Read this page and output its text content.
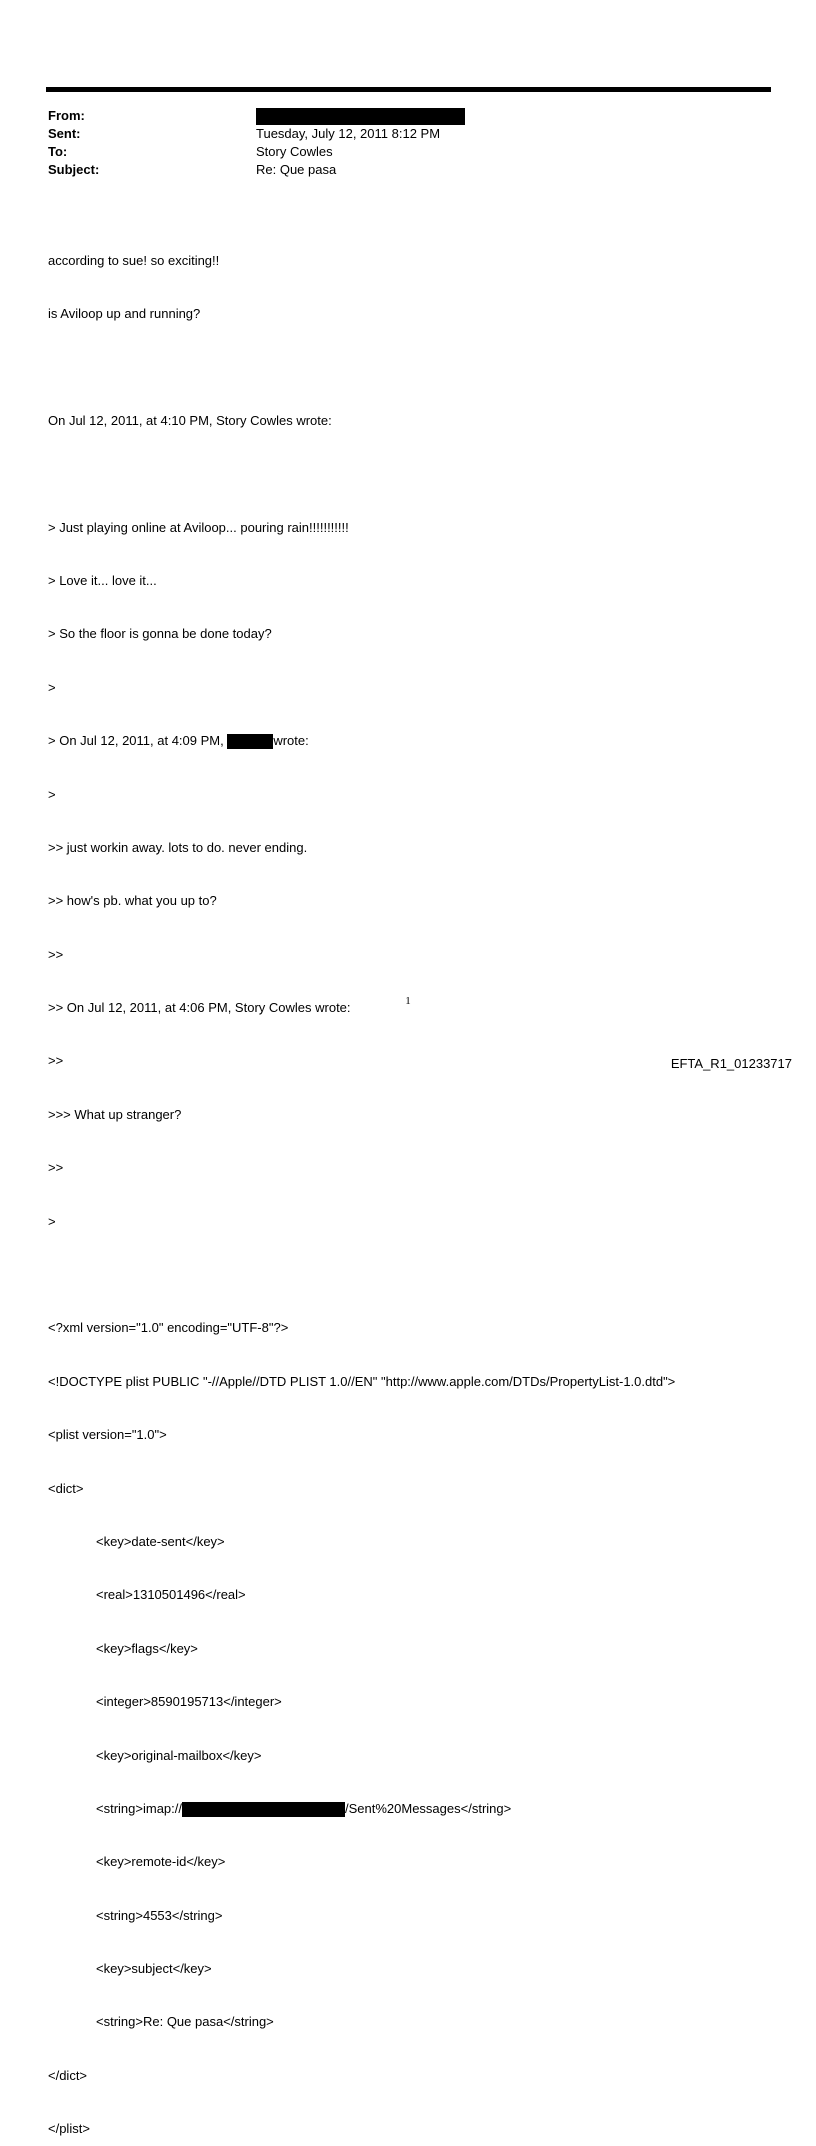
From:
Sent:	Tuesday, July 12, 2011 8:12 PM
To:	Story Cowles
Subject:	Re: Que pasa

according to sue! so exciting!!

is Aviloop up and running?

On Jul 12, 2011, at 4:10 PM, Story Cowles wrote:

> Just playing online at Aviloop... pouring rain!!!!!!!!!!!

> Love it... love it...

> So the floor is gonna be done today?

>

> On Jul 12, 2011, at 4:09 PM,	wrote:

>

>> just workin away. lots to do. never ending.

>> how's pb. what you up to?

>>

>> On Jul 12, 2011, at 4:06 PM, Story Cowles wrote:

>>

>>> What up stranger?

>>

>

<?xml version="1.0" encoding="UTF-8"?>

<!DOCTYPE plist PUBLIC "-//Apple//DTD PLIST 1.0//EN" "http://www.apple.com/DTDs/PropertyList-1.0.dtd">

<plist version="1.0">

<dict>

<key>date-sent</key>

<real>1310501496</real>

<key>flags</key>

<integer>8590195713</integer>

<key>original-mailbox</key>

<string>imap://	/Sent%20Messages</string>

<key>remote-id</key>

<string>4553</string>

<key>subject</key>

<string>Re: Que pasa</string>

</dict>

</plist>

1
EFTA_R1_01233717
